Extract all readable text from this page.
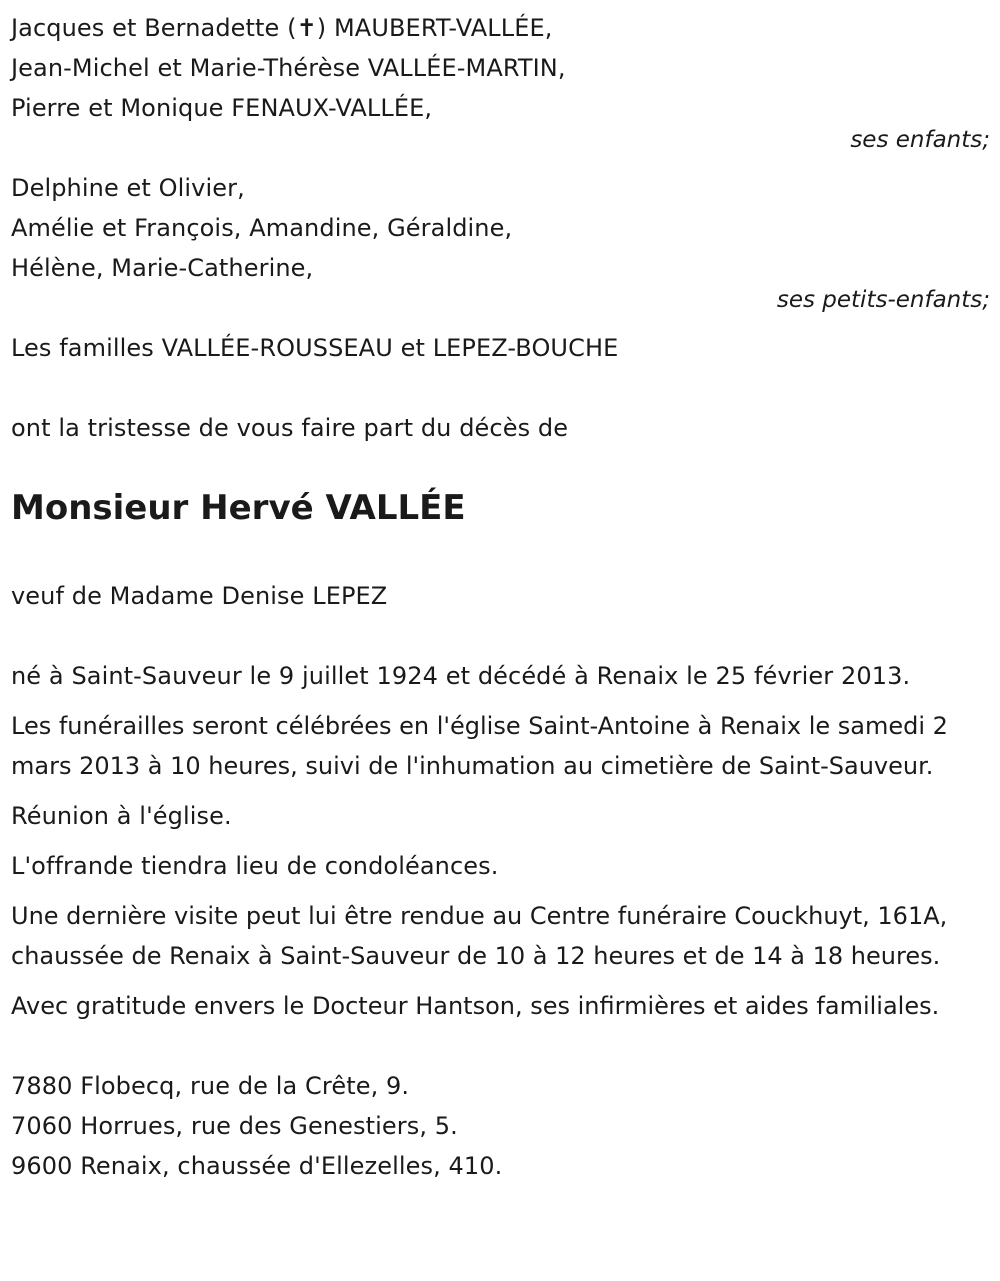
Jacques et Bernadette (✝) MAUBERT-VALLÉE,
Jean-Michel et Marie-Thérèse VALLÉE-MARTIN,
Pierre et Monique FENAUX-VALLÉE,
ses enfants;
Delphine et Olivier,
Amélie et François, Amandine, Géraldine,
Hélène, Marie-Catherine,
ses petits-enfants;
Les familles VALLÉE-ROUSSEAU et LEPEZ-BOUCHE
ont la tristesse de vous faire part du décès de
Monsieur Hervé VALLÉE
veuf de Madame Denise LEPEZ
né à Saint-Sauveur le 9 juillet 1924 et décédé à Renaix le 25 février 2013.
Les funérailles seront célébrées en l'église Saint-Antoine à Renaix le samedi 2 mars 2013 à 10 heures, suivi de l'inhumation au cimetière de Saint-Sauveur.
Réunion à l'église.
L'offrande tiendra lieu de condoléances.
Une dernière visite peut lui être rendue au Centre funéraire Couckhuyt, 161A, chaussée de Renaix à Saint-Sauveur de 10 à 12 heures et de 14 à 18 heures.
Avec gratitude envers le Docteur Hantson, ses infirmières et aides familiales.
7880 Flobecq, rue de la Crête, 9.
7060 Horrues, rue des Genestiers, 5.
9600 Renaix, chaussée d'Ellezelles, 410.
